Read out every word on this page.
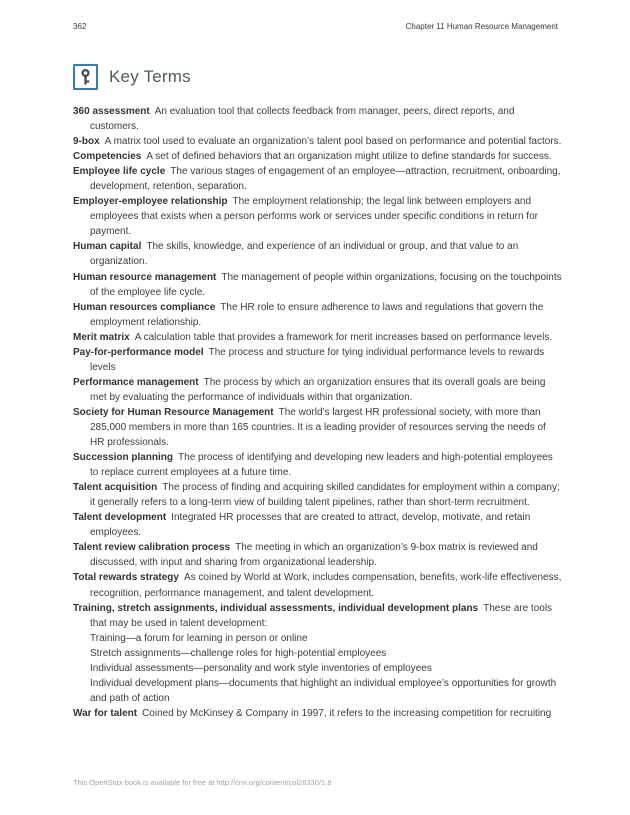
362	Chapter 11 Human Resource Management
Key Terms
360 assessment An evaluation tool that collects feedback from manager, peers, direct reports, and customers.
9-box A matrix tool used to evaluate an organization’s talent pool based on performance and potential factors.
Competencies A set of defined behaviors that an organization might utilize to define standards for success.
Employee life cycle The various stages of engagement of an employee—attraction, recruitment, onboarding, development, retention, separation.
Employer-employee relationship The employment relationship; the legal link between employers and employees that exists when a person performs work or services under specific conditions in return for payment.
Human capital The skills, knowledge, and experience of an individual or group, and that value to an organization.
Human resource management The management of people within organizations, focusing on the touchpoints of the employee life cycle.
Human resources compliance The HR role to ensure adherence to laws and regulations that govern the employment relationship.
Merit matrix A calculation table that provides a framework for merit increases based on performance levels.
Pay-for-performance model The process and structure for tying individual performance levels to rewards levels
Performance management The process by which an organization ensures that its overall goals are being met by evaluating the performance of individuals within that organization.
Society for Human Resource Management The world’s largest HR professional society, with more than 285,000 members in more than 165 countries. It is a leading provider of resources serving the needs of HR professionals.
Succession planning The process of identifying and developing new leaders and high-potential employees to replace current employees at a future time.
Talent acquisition The process of finding and acquiring skilled candidates for employment within a company; it generally refers to a long-term view of building talent pipelines, rather than short-term recruitment.
Talent development Integrated HR processes that are created to attract, develop, motivate, and retain employees.
Talent review calibration process The meeting in which an organization’s 9-box matrix is reviewed and discussed, with input and sharing from organizational leadership.
Total rewards strategy As coined by World at Work, includes compensation, benefits, work-life effectiveness, recognition, performance management, and talent development.
Training, stretch assignments, individual assessments, individual development plans These are tools that may be used in talent development:
Training—a forum for learning in person or online
Stretch assignments—challenge roles for high-potential employees
Individual assessments—personality and work style inventories of employees
Individual development plans—documents that highlight an individual employee’s opportunities for growth and path of action
War for talent Coined by McKinsey & Company in 1997, it refers to the increasing competition for recruiting
This OpenStax book is available for free at http://cnx.org/content/col28330/1.8
